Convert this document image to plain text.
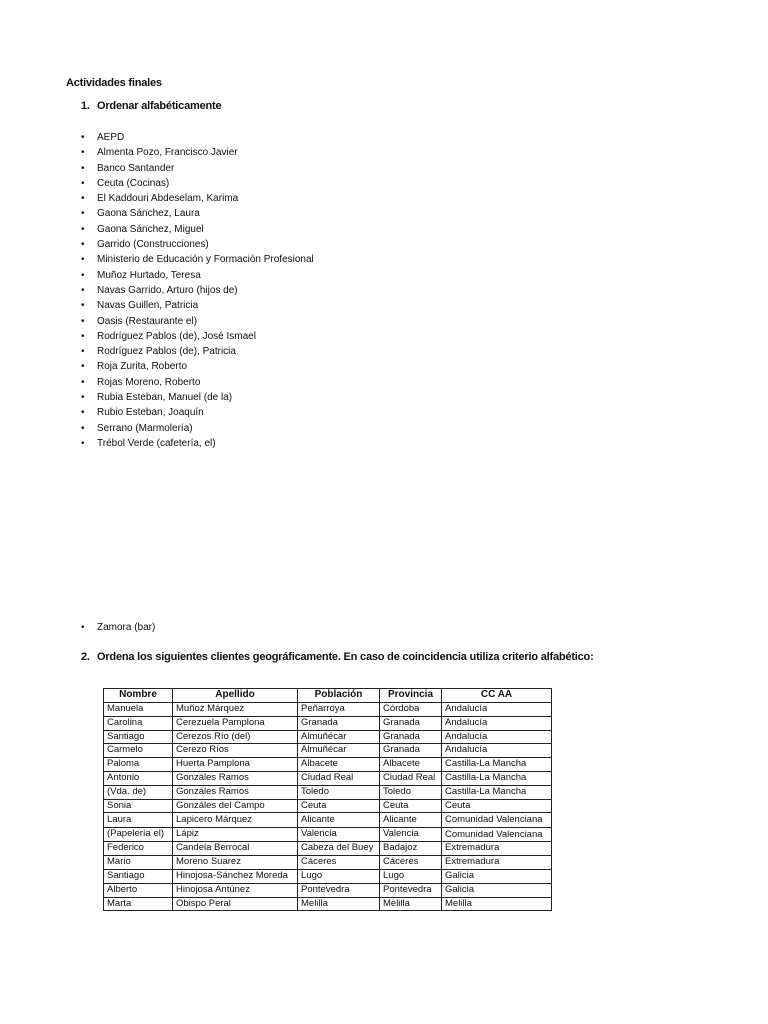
Actividades finales
1. Ordenar alfabéticamente
• AEPD
• Almenta Pozo, Francisco Javier
• Banco Santander
• Ceuta (Cocinas)
• El Kaddouri Abdeselam, Karima
• Gaona Sánchez, Laura
• Gaona Sánchez, Miguel
• Garrido (Construcciones)
• Ministerio de Educación y Formación Profesional
• Muñoz Hurtado, Teresa
• Navas Garrido, Arturo (hijos de)
• Navas Guillen, Patricia
• Oasis (Restaurante el)
• Rodríguez Pablos (de), José Ismael
• Rodríguez Pablos (de), Patricia
• Roja Zurita, Roberto
• Rojas Moreno, Roberto
• Rubia Esteban, Manuel (de la)
• Rubio Esteban, Joaquín
• Serrano (Marmolería)
• Trébol Verde (cafetería, el)
• Zamora (bar)
2. Ordena los siguientes clientes geográficamente. En caso de coincidencia utiliza criterio alfabético:
Nombre	Apellido	Población	Provincia	CC AA
Manuela	Muñoz Márquez	Peñarroya	Córdoba	Andalucía
Carolina	Cerezuela Pamplona	Granada	Granada	Andalucía
Santiago	Cerezos Río (del)	Almuñécar	Granada	Andalucía
Carmelo	Cerezo Ríos	Almuñécar	Granada	Andalucía
Paloma	Huerta Pamplona	Albacete	Albacete	Castilla-La Mancha
Antonio	Gonzáles Ramos	Ciudad Real	Ciudad Real	Castilla-La Mancha
(Vda. de)	Gonzáles Ramos	Toledo	Toledo	Castilla-La Mancha
Sonia	Gonzáles del Campo	Ceuta	Ceuta	Ceuta
Laura	Lapicero Márquez	Alicante	Alicante	Comunidad Valenciana
(Papelería el)	Lápiz	Valencia	Valencia	Comunidad Valenciana
Federico	Candela Berrocal	Cabeza del Buey	Badajoz	Extremadura
Mario	Moreno Suarez	Cáceres	Cáceres	Extremadura
Santiago	Hinojosa-Sánchez Moreda	Lugo	Lugo	Galicia
Alberto	Hinojosa Antúnez	Pontevedra	Pontevedra	Galicia
Marta	Obispo Peral	Melilla	Melilla	Melilla
